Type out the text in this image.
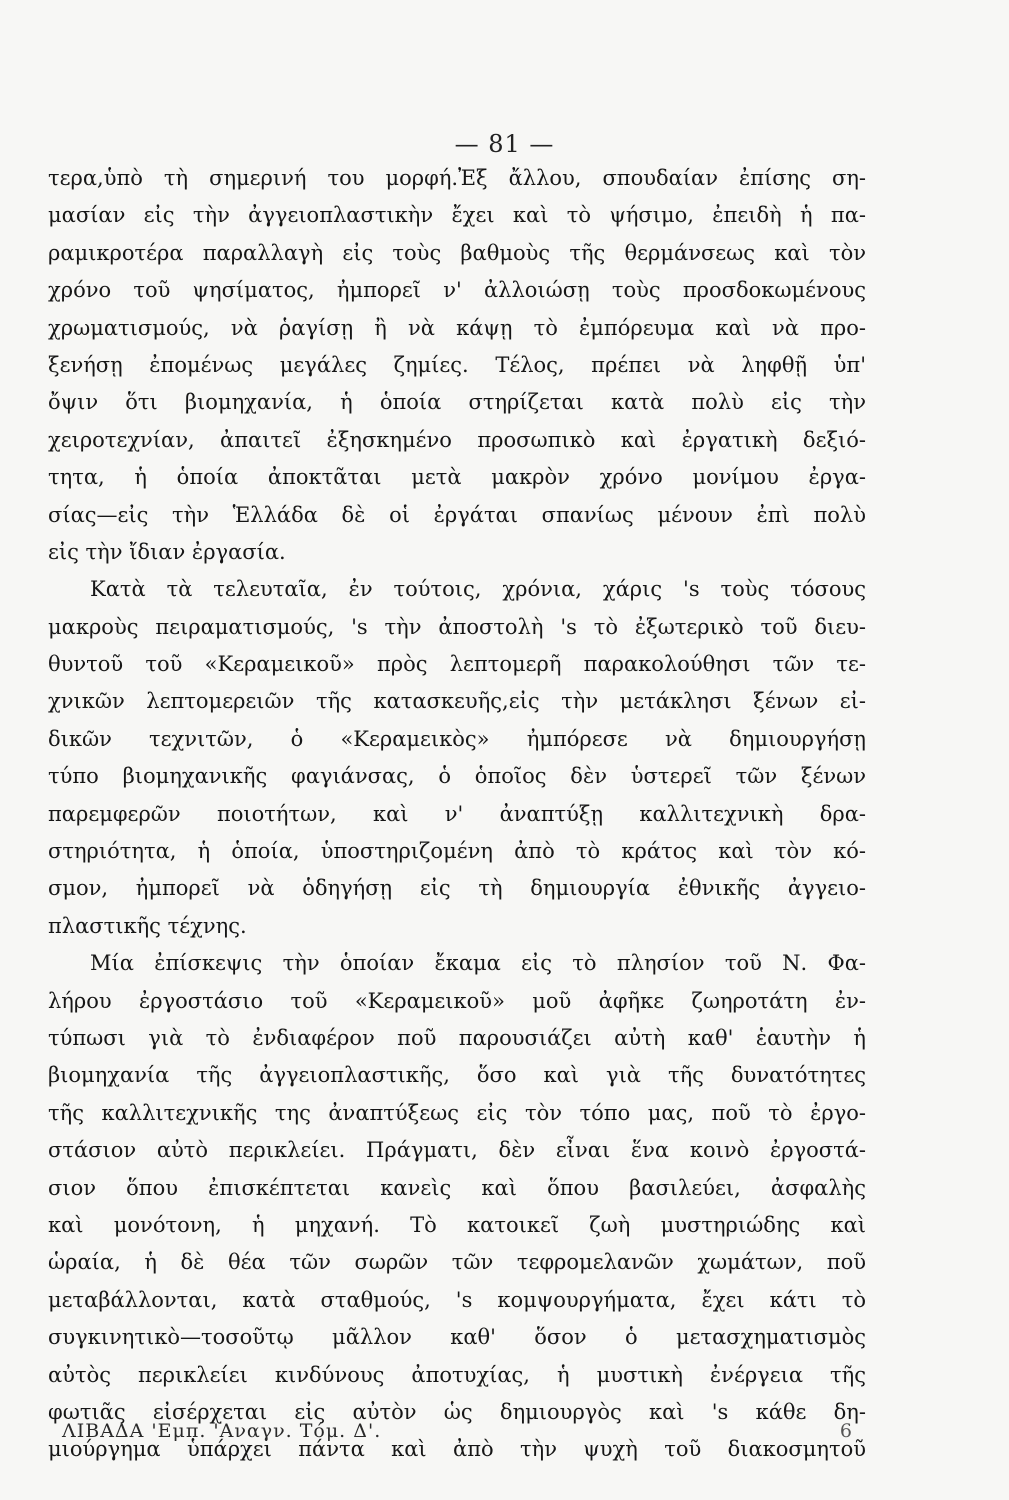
— 81 —
τερα,ὑπὸ τὴ σημερινή του μορφή.Ἐξ ἄλλου, σπουδαίαν ἐπίσης ση-
μασίαν εἰς τὴν ἀγγειοπλαστικὴν ἔχει καὶ τὸ ψήσιμο, ἐπειδὴ ἡ πα-
ραμικροτέρα παραλλαγὴ εἰς τοὺς βαθμοὺς τῆς θερμάνσεως καὶ τὸν
χρόνο τοῦ ψησίματος, ἠμπορεῖ ν' ἀλλοιώσῃ τοὺς προσδοκωμένους
χρωματισμούς, νὰ ῥαγίσῃ ἢ νὰ κάψῃ τὸ ἐμπόρευμα καὶ νὰ προ-
ξενήσῃ ἐπομένως μεγάλες ζημίες. Τέλος, πρέπει νὰ ληφθῇ ὑπ'
ὄψιν ὅτι βιομηχανία, ἡ ὁποία στηρίζεται κατὰ πολὺ εἰς τὴν
χειροτεχνίαν, ἀπαιτεῖ ἐξησκημένο προσωπικὸ καὶ ἐργατικὴ δεξιό-
τητα, ἡ ὁποία ἀποκτᾶται μετὰ μακρὸν χρόνο μονίμου ἐργα-
σίας—εἰς τὴν Ἑλλάδα δὲ οἱ ἐργάται σπανίως μένουν ἐπὶ πολὺ
εἰς τὴν ἴδιαν ἐργασία.
Κατὰ τὰ τελευταῖα, ἐν τούτοις, χρόνια, χάρις 's τοὺς τόσους
μακροὺς πειραματισμούς, 's τὴν ἀποστολὴ 's τὸ ἐξωτερικὸ τοῦ διευ-
θυντοῦ τοῦ «Κεραμεικοῦ» πρὸς λεπτομερῆ παρακολούθησι τῶν τε-
χνικῶν λεπτομερειῶν τῆς κατασκευῆς,εἰς τὴν μετάκλησι ξένων εἰ-
δικῶν τεχνιτῶν, ὁ «Κεραμεικὸς» ἠμπόρεσε νὰ δημιουργήσῃ
τύπο βιομηχανικῆς φαγιάνσας, ὁ ὁποῖος δὲν ὑστερεῖ τῶν ξένων
παρεμφερῶν ποιοτήτων, καὶ ν' ἀναπτύξῃ καλλιτεχνικὴ δρα-
στηριότητα, ἡ ὁποία, ὑποστηριζομένη ἀπὸ τὸ κράτος καὶ τὸν κό-
σμον, ἠμπορεῖ νὰ ὁδηγήσῃ εἰς τὴ δημιουργία ἐθνικῆς ἀγγειο-
πλαστικῆς τέχνης.
Μία ἐπίσκεψις τὴν ὁποίαν ἔκαμα εἰς τὸ πλησίον τοῦ Ν. Φα-
λήρου ἐργοστάσιο τοῦ «Κεραμεικοῦ» μοῦ ἀφῆκε ζωηροτάτη ἐν-
τύπωσι γιὰ τὸ ἐνδιαφέρον ποῦ παρουσιάζει αὐτὴ καθ' ἑαυτὴν ἡ
βιομηχανία τῆς ἀγγειοπλαστικῆς, ὅσο καὶ γιὰ τῆς δυνατότητες
τῆς καλλιτεχνικῆς της ἀναπτύξεως εἰς τὸν τόπο μας, ποῦ τὸ ἐργο-
στάσιον αὐτὸ περικλείει. Πράγματι, δὲν εἶναι ἕνα κοινὸ ἐργοστά-
σιον ὅπου ἐπισκέπτεται κανεὶς καὶ ὅπου βασιλεύει, ἀσφαλὴς
καὶ μονότονη, ἡ μηχανή. Τὸ κατοικεῖ ζωὴ μυστηριώδης καὶ
ὡραία, ἡ δὲ θέα τῶν σωρῶν τῶν τεφρομελανῶν χωμάτων, ποῦ
μεταβάλλονται, κατὰ σταθμούς, 's κομψουργήματα, ἔχει κάτι τὸ
συγκινητικὸ—τοσοῦτῳ μᾶλλον καθ' ὅσον ὁ μετασχηματισμὸς
αὐτὸς περικλείει κινδύνους ἀποτυχίας, ἡ μυστικὴ ἐνέργεια τῆς
φωτιᾶς εἰσέρχεται εἰς αὐτὸν ὡς δημιουργὸς καὶ 's κάθε δη-
μιούργημα ὑπάρχει πάντα καὶ ἀπὸ τὴν ψυχὴ τοῦ διακοσμητοῦ
ΛΙΒΑΔΑ 'Εμπ. 'Αναγν. Τόμ. Δ'.	6
